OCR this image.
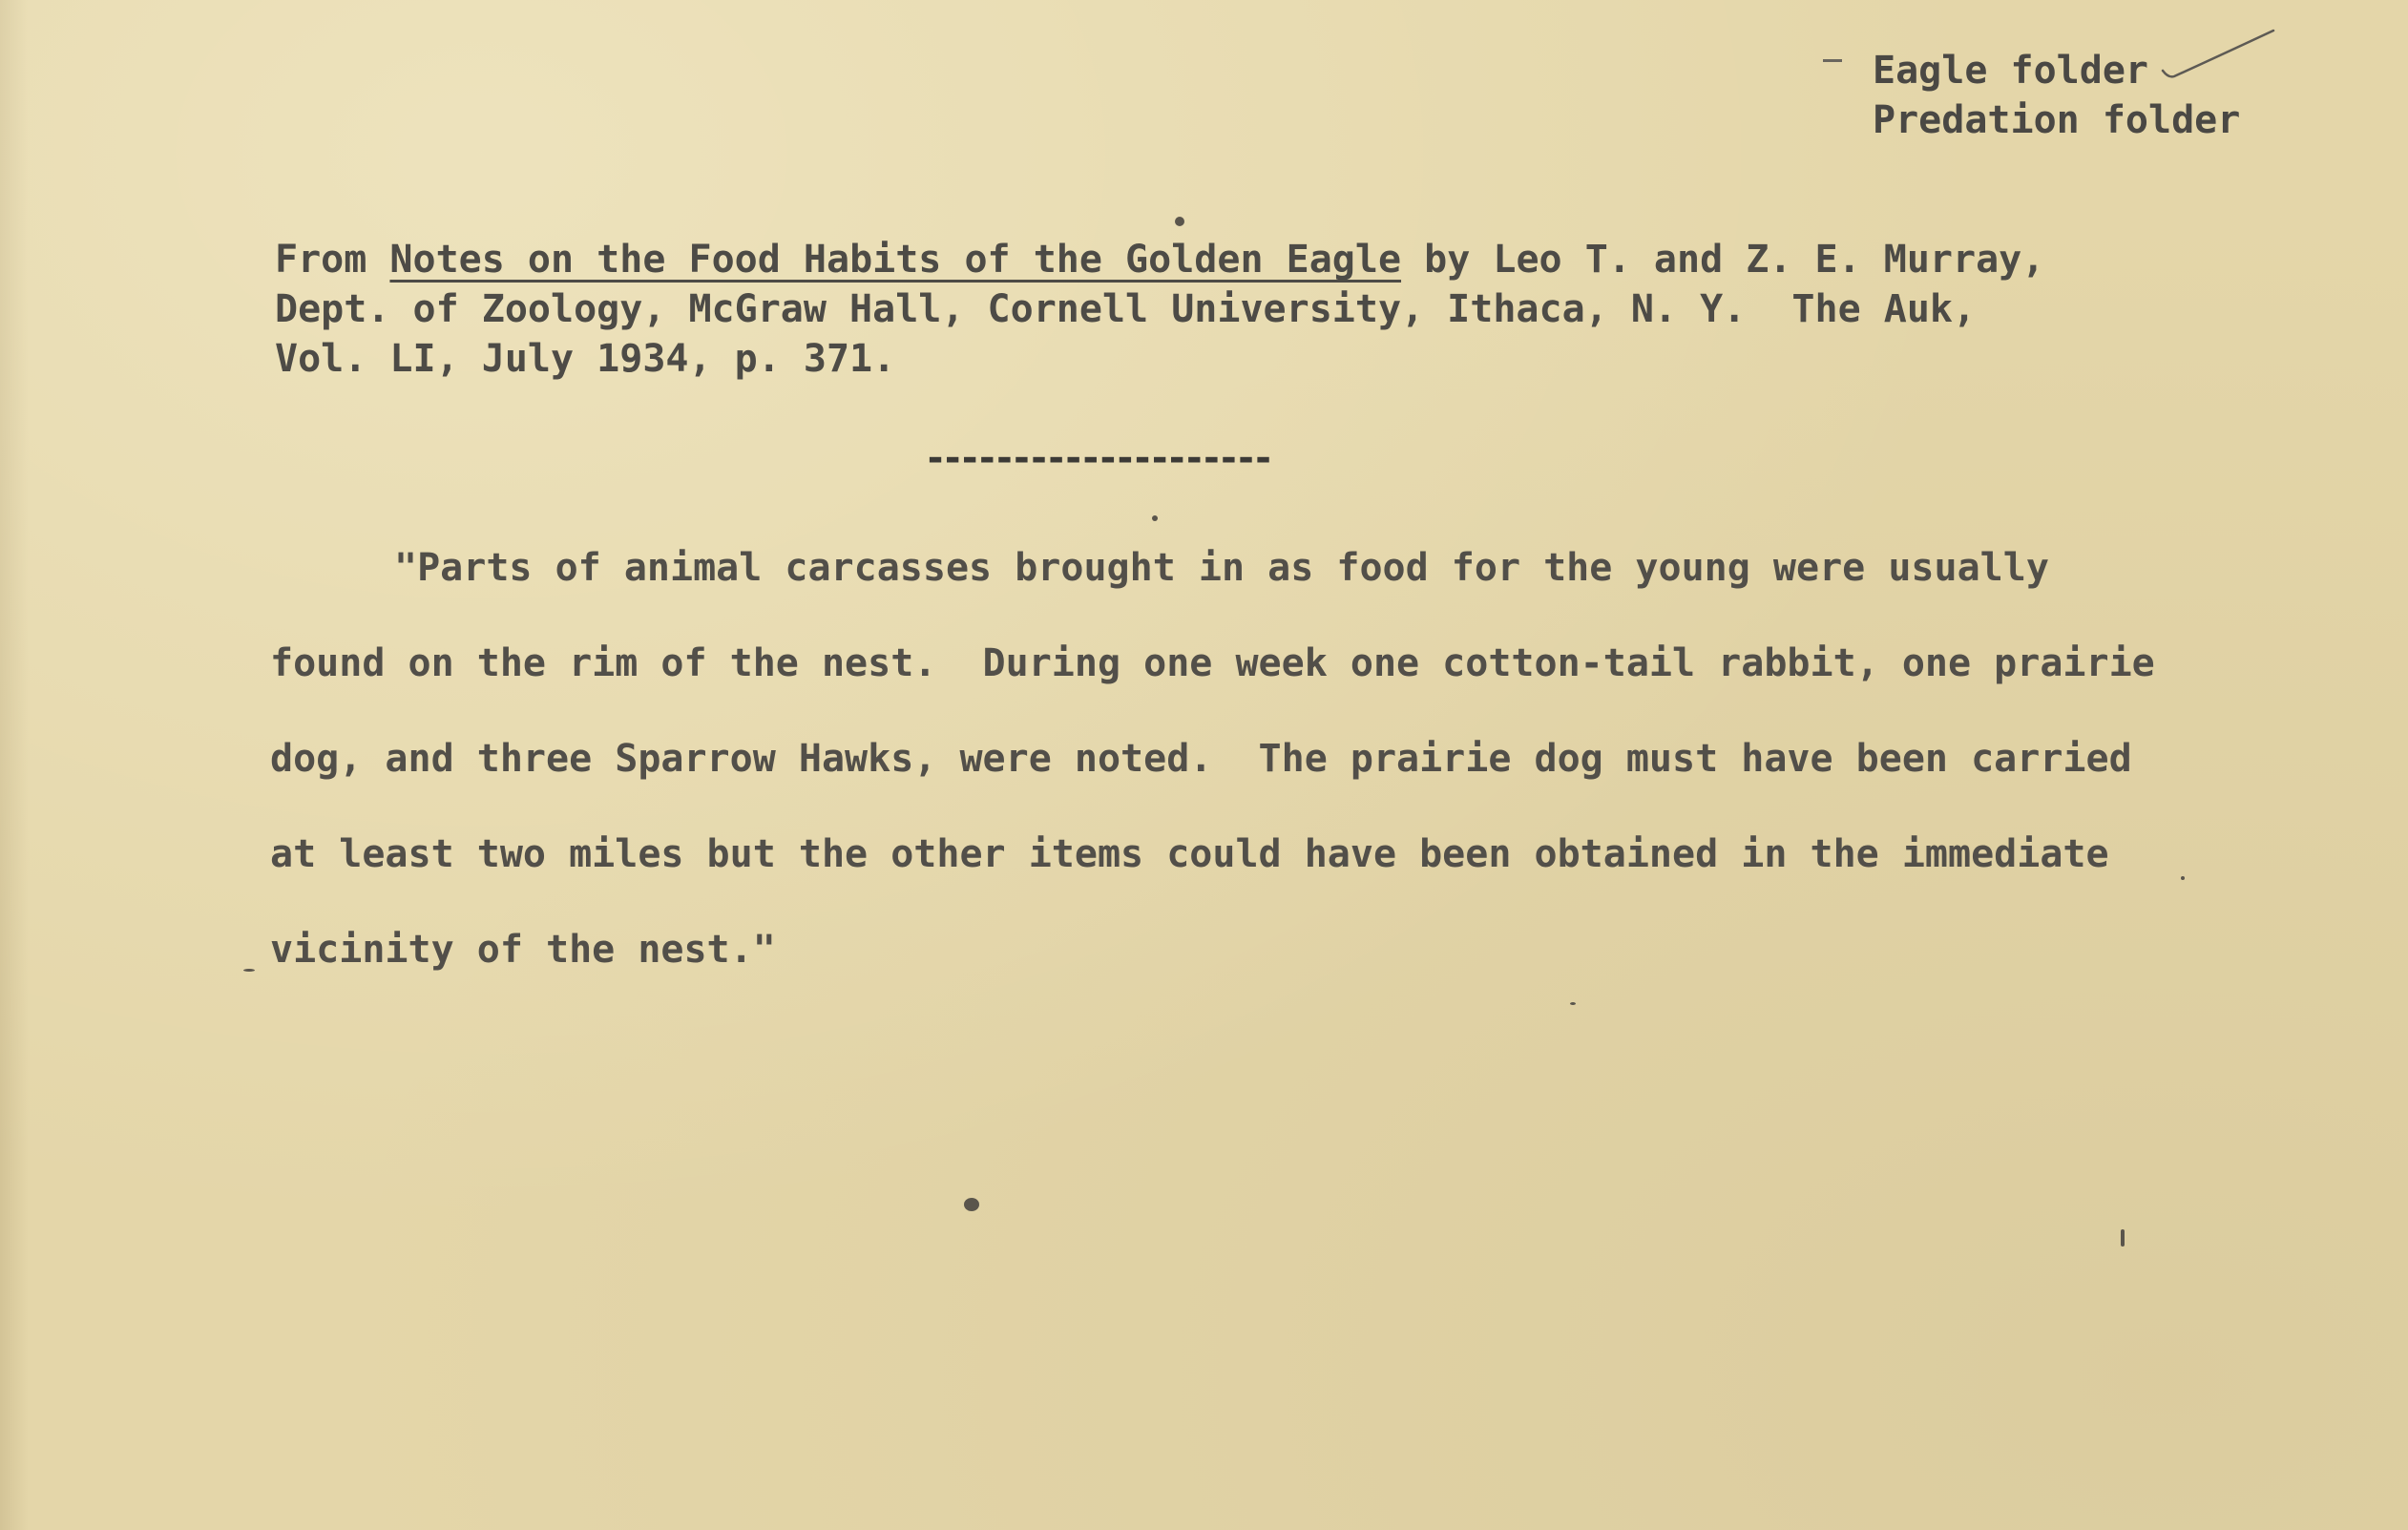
Eagle folder
Predation folder
From Notes on the Food Habits of the Golden Eagle by Leo T. and Z. E. Murray,
Dept. of Zoology, McGraw Hall, Cornell University, Ithaca, N. Y.  The Auk,
Vol. LI, July 1934, p. 371.
--------------------
"Parts of animal carcasses brought in as food for the young were usually
found on the rim of the nest.  During one week one cotton-tail rabbit, one prairie
dog, and three Sparrow Hawks, were noted.  The prairie dog must have been carried
at least two miles but the other items could have been obtained in the immediate
vicinity of the nest."
